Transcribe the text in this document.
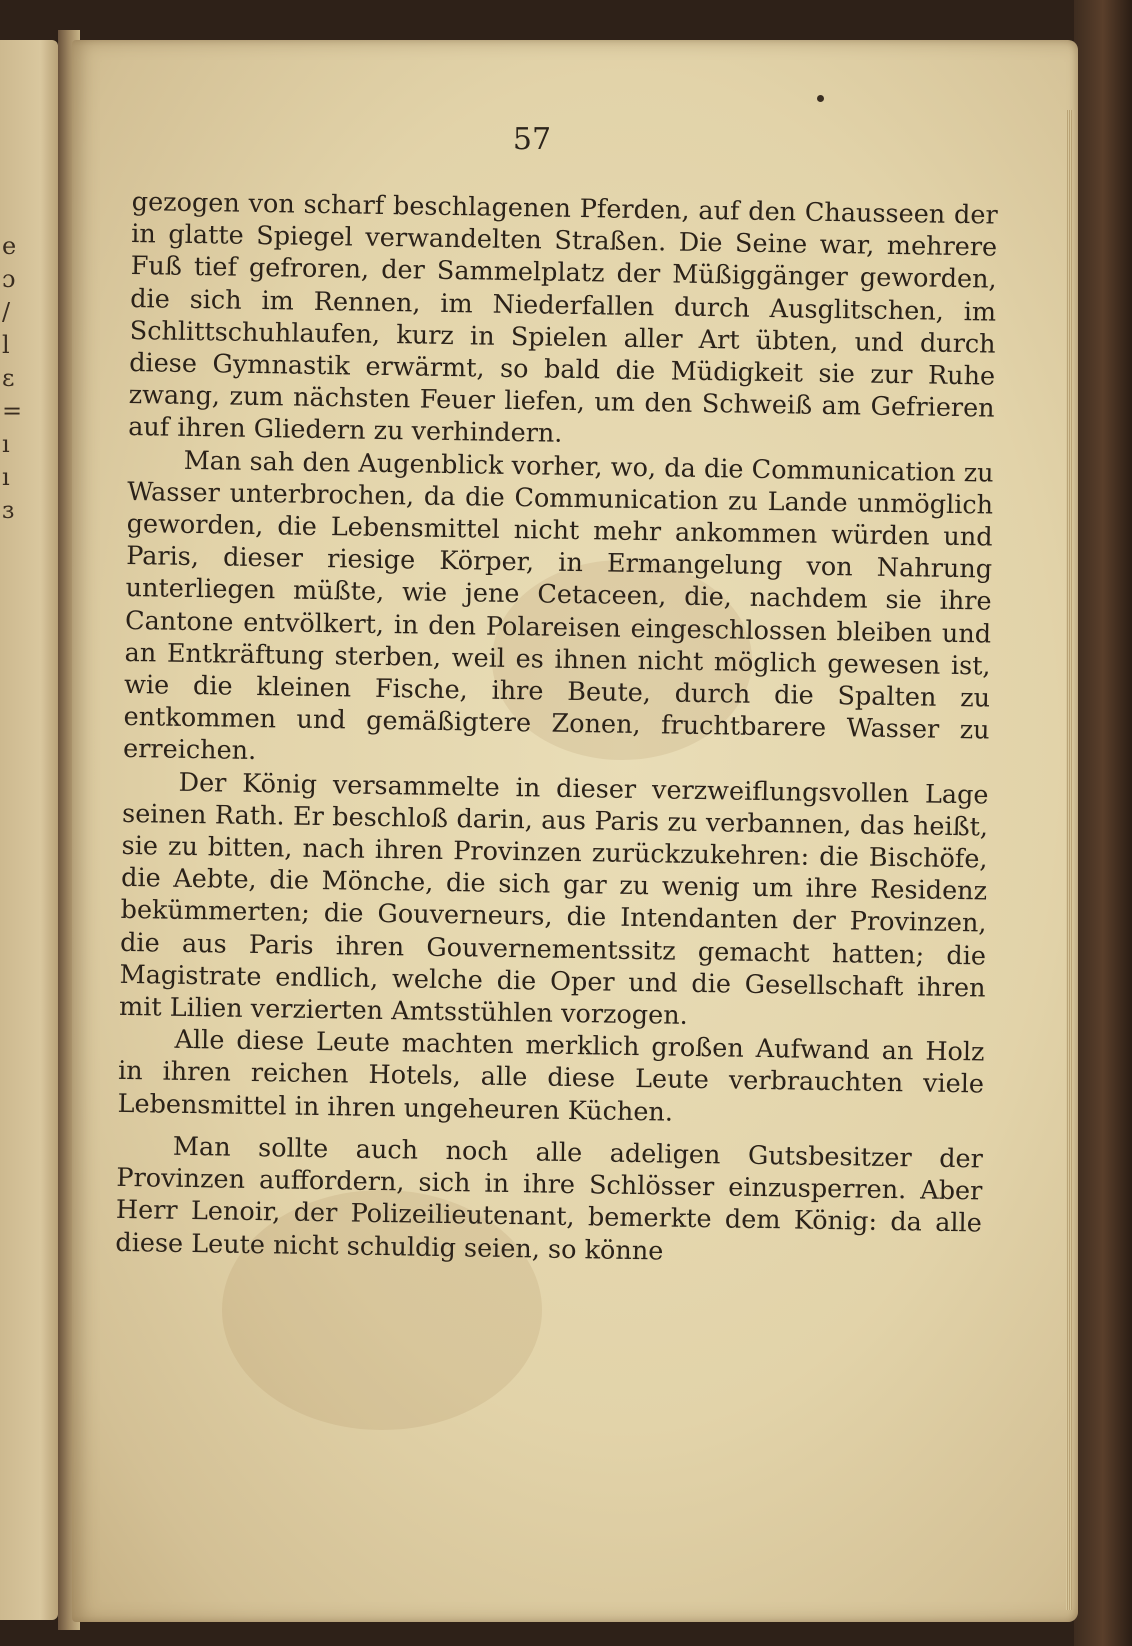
e
ɔ
/
l
ɛ
=
ı
ı
ɜ
57

gezogen von scharf beschlagenen Pferden, auf den Chausseen der in glatte Spiegel verwandelten Straßen. Die Seine war, mehrere Fuß tief gefroren, der Sammelplatz der Müßiggänger geworden, die sich im Rennen, im Niederfallen durch Ausglitschen, im Schlittschuhlaufen, kurz in Spielen aller Art übten, und durch diese Gymnastik erwärmt, so bald die Müdigkeit sie zur Ruhe zwang, zum nächsten Feuer liefen, um den Schweiß am Gefrieren auf ihren Gliedern zu verhindern.

Man sah den Augenblick vorher, wo, da die Communication zu Wasser unterbrochen, da die Communication zu Lande unmöglich geworden, die Lebensmittel nicht mehr ankommen würden und Paris, dieser riesige Körper, in Ermangelung von Nahrung unterliegen müßte, wie jene Cetaceen, die, nachdem sie ihre Cantone entvölkert, in den Polareisen eingeschlossen bleiben und an Entkräftung sterben, weil es ihnen nicht möglich gewesen ist, wie die kleinen Fische, ihre Beute, durch die Spalten zu entkommen und gemäßigtere Zonen, fruchtbarere Wasser zu erreichen.

Der König versammelte in dieser verzweiflungsvollen Lage seinen Rath. Er beschloß darin, aus Paris zu verbannen, das heißt, sie zu bitten, nach ihren Provinzen zurückzukehren: die Bischöfe, die Aebte, die Mönche, die sich gar zu wenig um ihre Residenz bekümmerten; die Gouverneurs, die Intendanten der Provinzen, die aus Paris ihren Gouvernementssitz gemacht hatten; die Magistrate endlich, welche die Oper und die Gesellschaft ihren mit Lilien verzierten Amtsstühlen vorzogen.

Alle diese Leute machten merklich großen Aufwand an Holz in ihren reichen Hotels, alle diese Leute verbrauchten viele Lebensmittel in ihren ungeheuren Küchen.

Man sollte auch noch alle adeligen Gutsbesitzer der Provinzen auffordern, sich in ihre Schlösser einzusperren. Aber Herr Lenoir, der Polizeilieutenant, bemerkte dem König: da alle diese Leute nicht schuldig seien, so könne
